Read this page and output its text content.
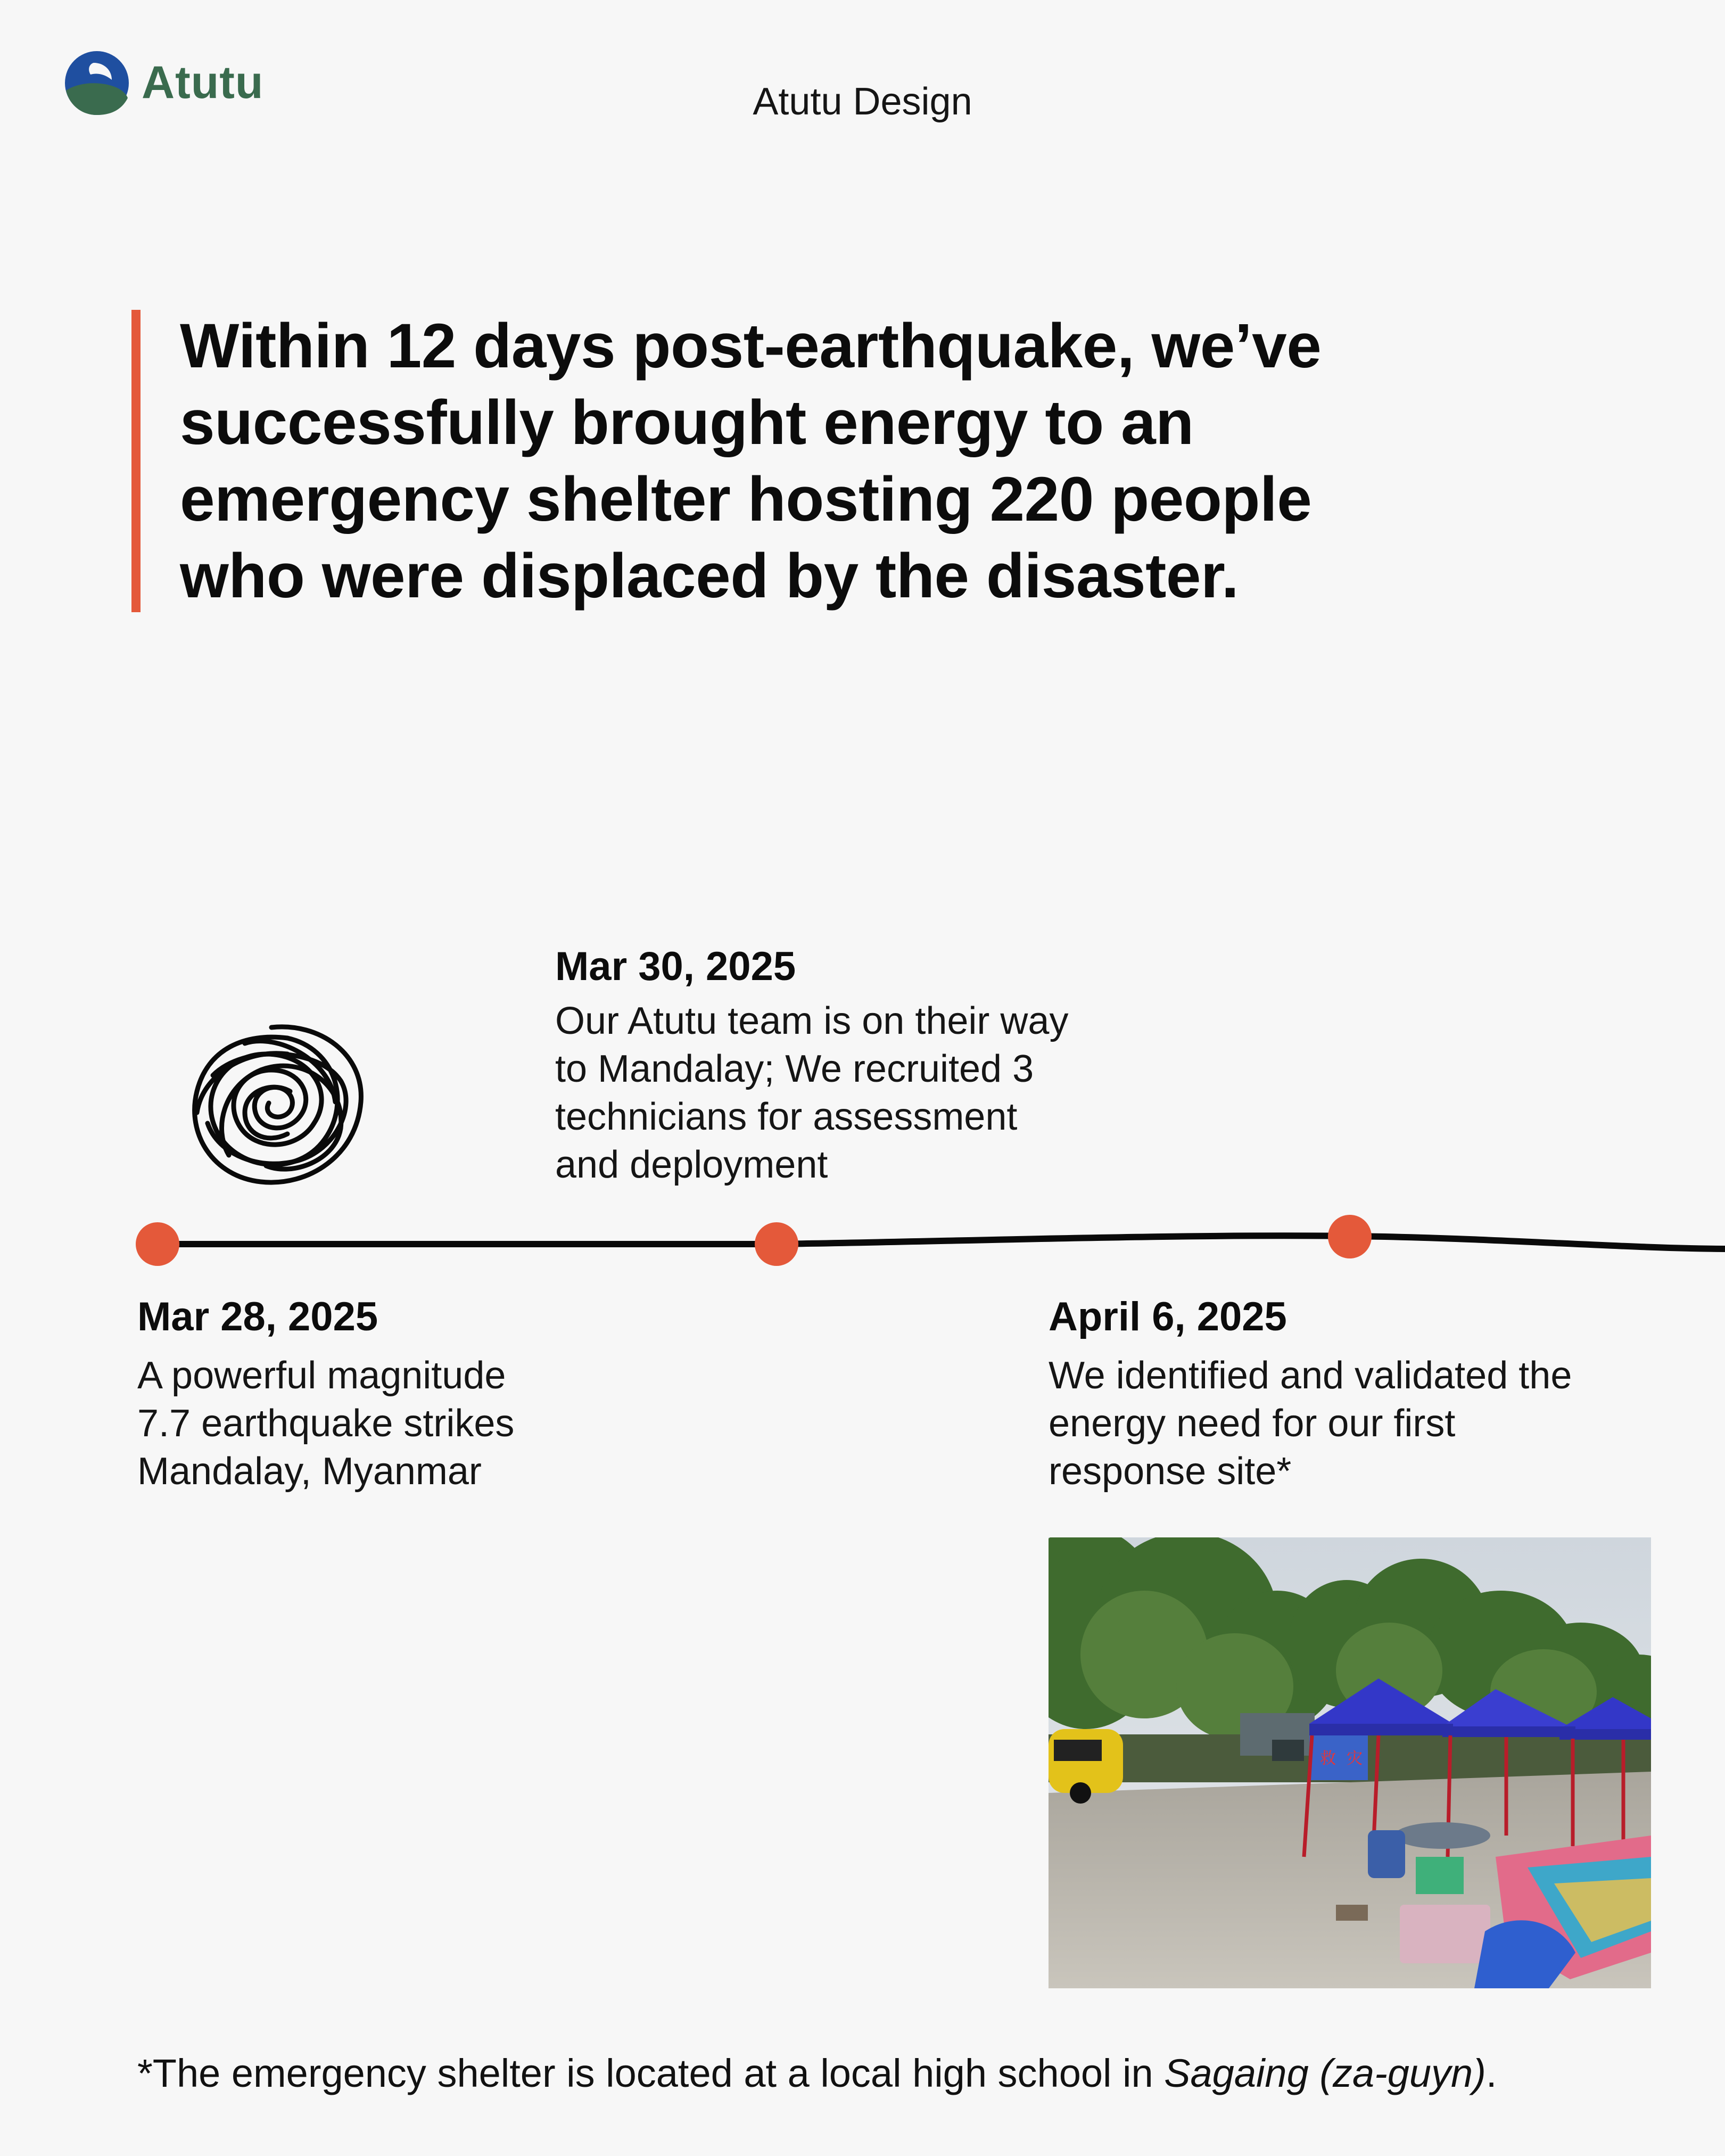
Atutu	Atutu Design
Within 12 days post-earthquake, we’ve
successfully brought energy to an
emergency shelter hosting 220 people
who were displaced by the disaster.
Mar 30, 2025
Our Atutu team is on their way
to Mandalay; We recruited 3
technicians for assessment
and deployment
Mar 28, 2025
A powerful magnitude
7.7 earthquake strikes
Mandalay, Myanmar
April 6, 2025
We identified and validated the
energy need for our first
response site*
救 灾
*The emergency shelter is located at a local high school in Sagaing (za-guyn).
